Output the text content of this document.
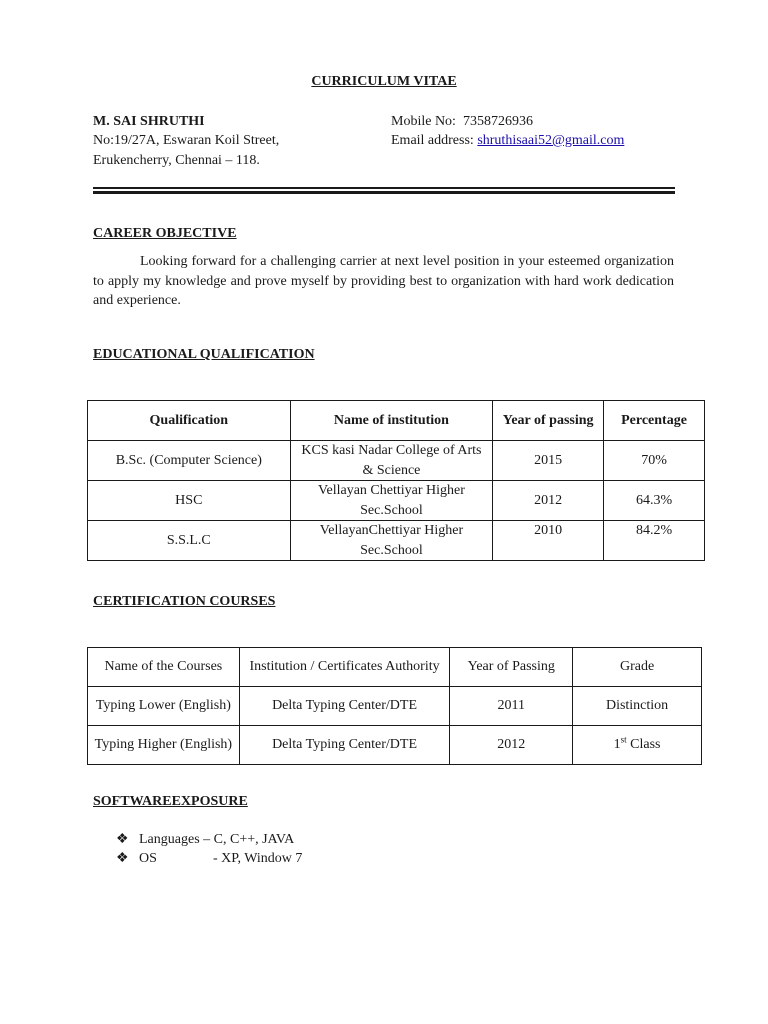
CURRICULUM VITAE
M. SAI SHRUTHI
No:19/27A, Eswaran Koil Street,
Erukencherry, Chennai – 118.
Mobile No: 7358726936
Email address: shruthisaai52@gmail.com
CAREER OBJECTIVE
Looking forward for a challenging carrier at next level position in your esteemed organization to apply my knowledge and prove myself by providing best to organization with hard work dedication and experience.
EDUCATIONAL QUALIFICATION
Qualification	Name of institution	Year of passing	Percentage
B.Sc. (Computer Science)	KCS kasi Nadar College of Arts & Science	2015	70%
HSC	Vellayan Chettiyar Higher Sec.School	2012	64.3%
S.S.L.C	VellayanChettiyar Higher Sec.School	2010	84.2%
CERTIFICATION COURSES
Name of the Courses	Institution / Certificates Authority	Year of Passing	Grade
Typing Lower (English)	Delta Typing Center/DTE	2011	Distinction
Typing Higher (English)	Delta Typing Center/DTE	2012	1st Class
SOFTWAREEXPOSURE
❖ Languages – C, C++, JAVA
❖ OS	- XP, Window 7
